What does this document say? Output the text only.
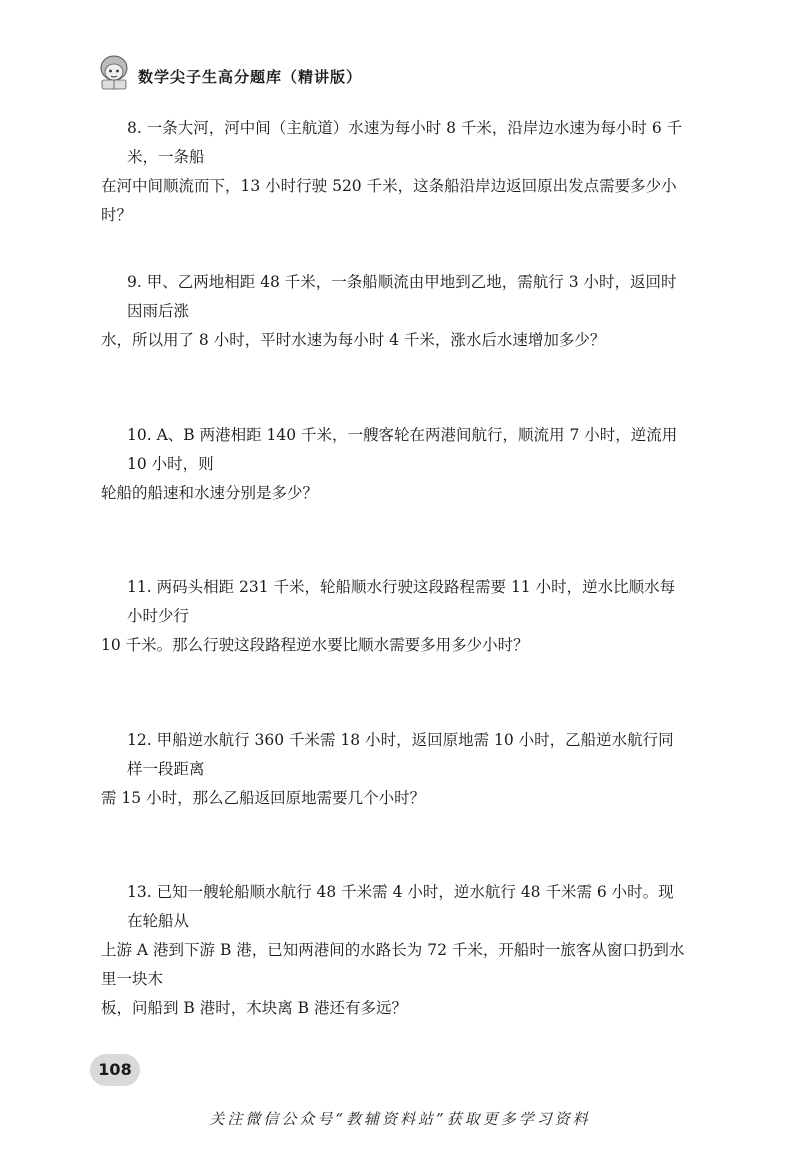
数学尖子生高分题库（精讲版）

8. 一条大河，河中间（主航道）水速为每小时 8 千米，沿岸边水速为每小时 6 千米，一条船

在河中间顺流而下，13 小时行驶 520 千米，这条船沿岸边返回原出发点需要多少小时？

9. 甲、乙两地相距 48 千米，一条船顺流由甲地到乙地，需航行 3 小时，返回时因雨后涨

水，所以用了 8 小时，平时水速为每小时 4 千米，涨水后水速增加多少？

10. A、B 两港相距 140 千米，一艘客轮在两港间航行，顺流用 7 小时，逆流用 10 小时，则

轮船的船速和水速分别是多少？

11. 两码头相距 231 千米，轮船顺水行驶这段路程需要 11 小时，逆水比顺水每小时少行

10 千米。那么行驶这段路程逆水要比顺水需要多用多少小时？

12. 甲船逆水航行 360 千米需 18 小时，返回原地需 10 小时，乙船逆水航行同样一段距离

需 15 小时，那么乙船返回原地需要几个小时？

13. 已知一艘轮船顺水航行 48 千米需 4 小时，逆水航行 48 千米需 6 小时。现在轮船从

上游 A 港到下游 B 港，已知两港间的水路长为 72 千米，开船时一旅客从窗口扔到水里一块木

板，问船到 B 港时，木块离 B 港还有多远？

108
关注微信公众号“教辅资料站”获取更多学习资料
